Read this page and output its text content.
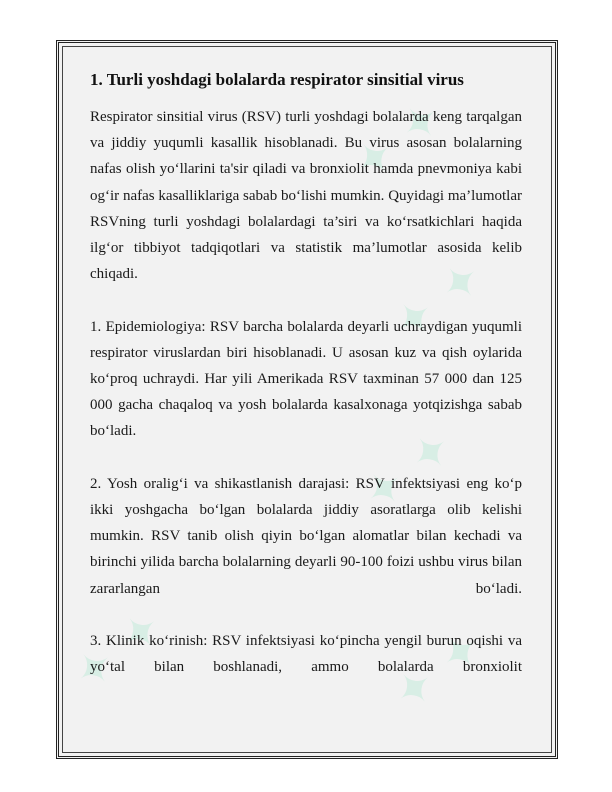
✦ ✦
✦ ✦
✦ ✦
✦ ✦	✦ ✦
1. Turli yoshdagi bolalarda respirator sinsitial virus

Respirator sinsitial virus (RSV) turli yoshdagi bolalarda keng tarqalgan va jiddiy yuqumli kasallik hisoblanadi. Bu virus asosan bolalarning nafas olish yo‘llarini ta'sir qiladi va bronxiolit hamda pnevmoniya kabi og‘ir nafas kasalliklariga sabab bo‘lishi mumkin. Quyidagi ma’lumotlar RSVning turli yoshdagi bolalardagi ta’siri va ko‘rsatkichlari haqida ilg‘or tibbiyot tadqiqotlari va statistik ma’lumotlar asosida kelib chiqadi.

1. Epidemiologiya: RSV barcha bolalarda deyarli uchraydigan yuqumli respirator viruslardan biri hisoblanadi. U asosan kuz va qish oylarida ko‘proq uchraydi. Har yili Amerikada RSV taxminan 57 000 dan 125 000 gacha chaqaloq va yosh bolalarda kasalxonaga yotqizishga sabab bo‘ladi.

2. Yosh oralig‘i va shikastlanish darajasi: RSV infektsiyasi eng ko‘p ikki yoshgacha bo‘lgan bolalarda jiddiy asoratlarga olib kelishi mumkin. RSV tanib olish qiyin bo‘lgan alomatlar bilan kechadi va birinchi yilida barcha bolalarning deyarli 90-100 foizi ushbu virus bilan zararlangan bo‘ladi.

3. Klinik ko‘rinish: RSV infektsiyasi ko‘pincha yengil burun oqishi va yo‘tal bilan boshlanadi, ammo bolalarda bronxiolit
